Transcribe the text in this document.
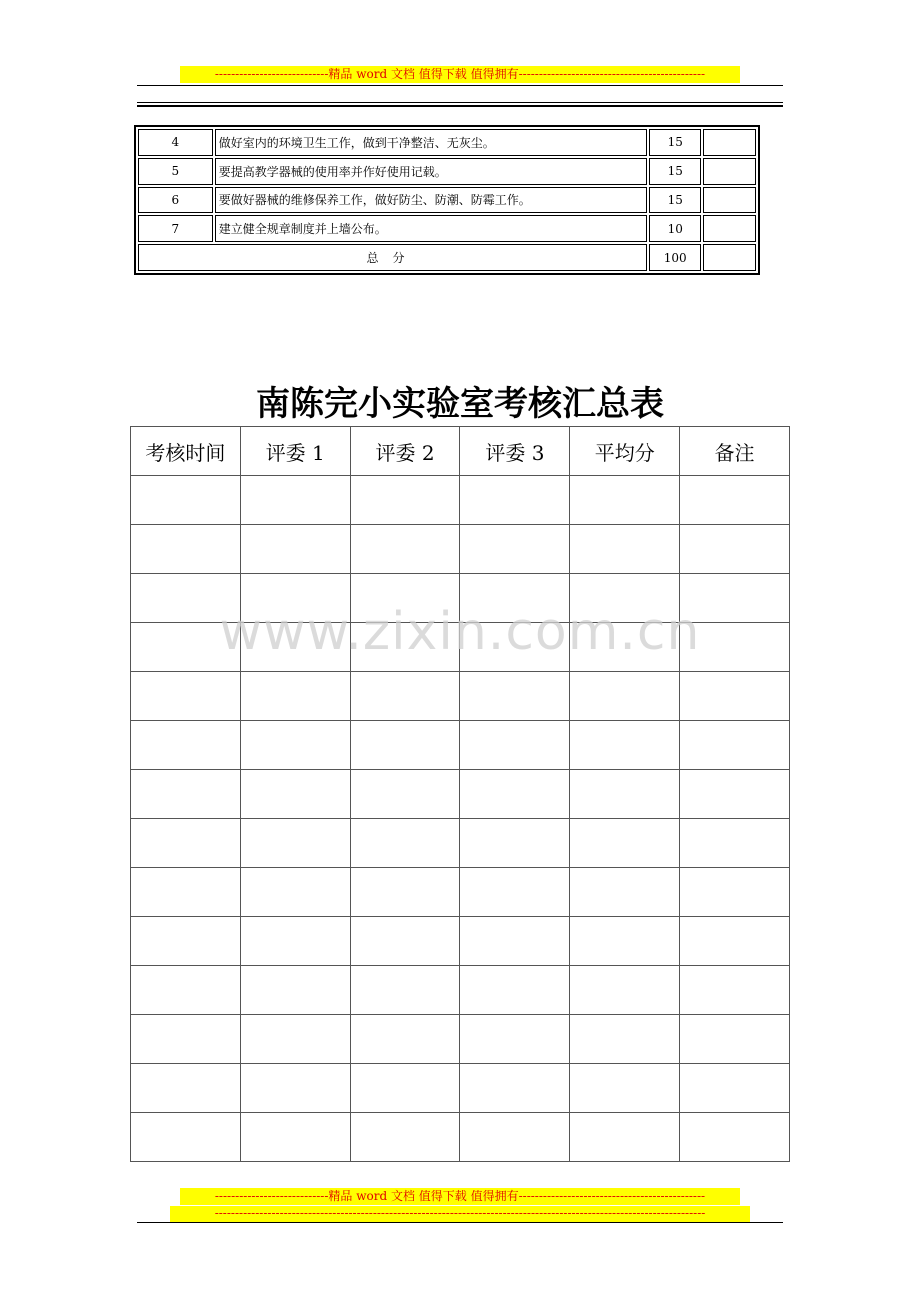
----------------------------精品 word 文档 值得下载 值得拥有----------------------------------------------
4	做好室内的环境卫生工作，做到干净整洁、无灰尘。	15	
5	要提高教学器械的使用率并作好使用记载。	15	
6	要做好器械的维修保养工作，做好防尘、防潮、防霉工作。	15	
7	建立健全规章制度并上墙公布。	10	
总分		100	
南陈完小实验室考核汇总表
考核时间	评委 1	评委 2	评委 3	平均分	备注

www.zixin.com.cn
----------------------------精品 word 文档 值得下载 值得拥有----------------------------------------------
-------------------------------------------------------------------------------------------------------------------------
